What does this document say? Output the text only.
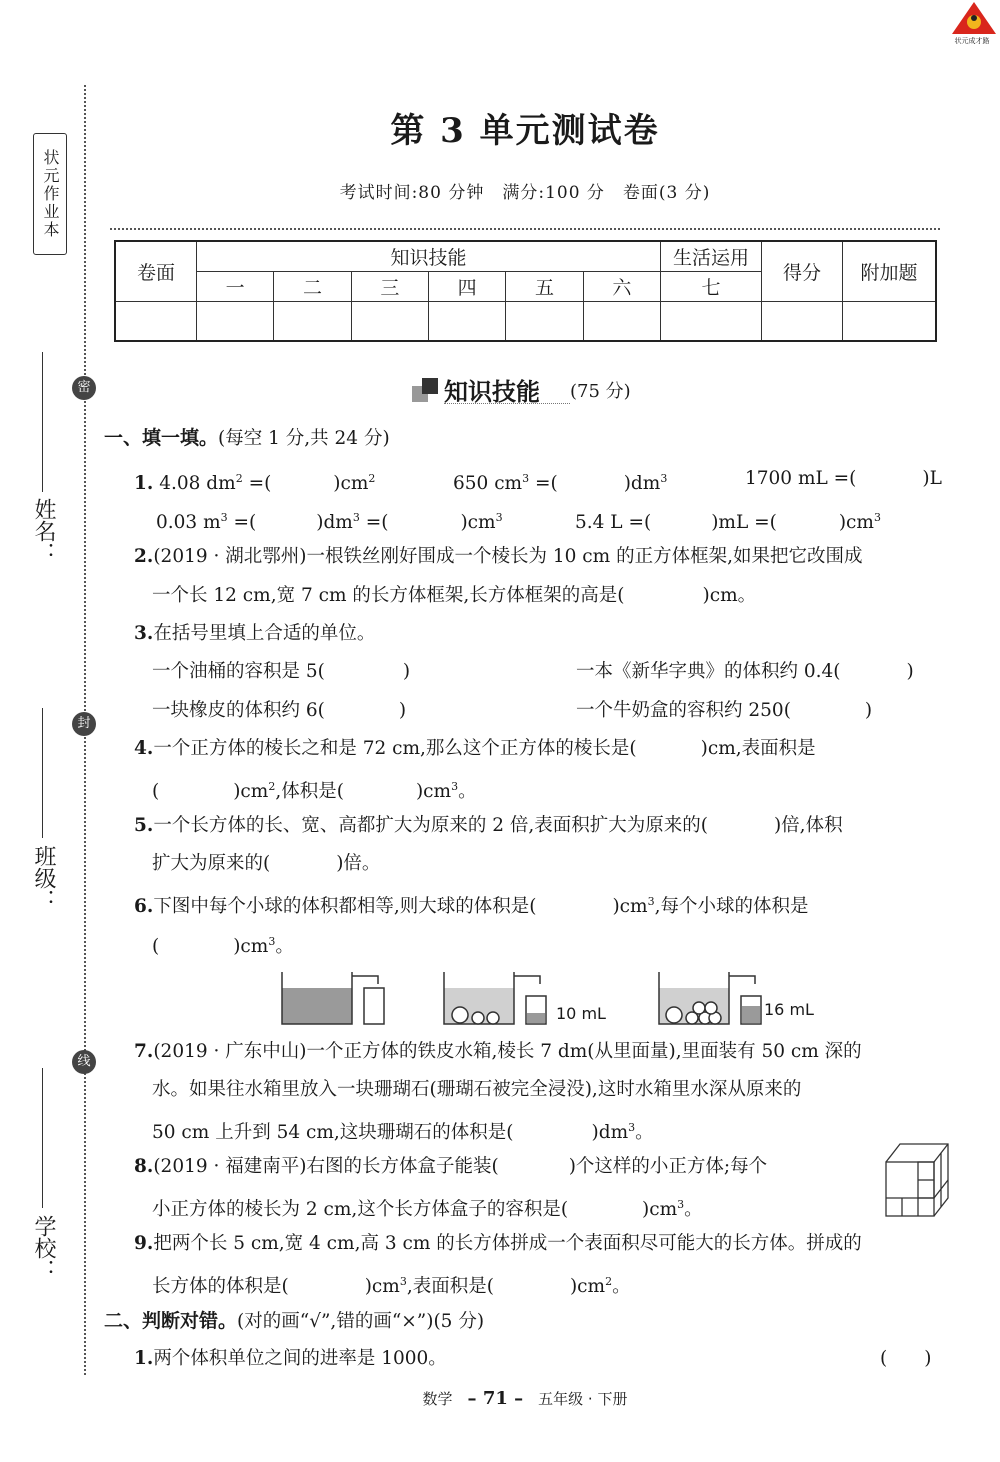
状元作业本
密
封
线
姓名：
班级：
学校：
状元成才路
第 3 单元测试卷
考试时间:80 分钟　满分:100 分　卷面(3 分)
卷面	知识技能						生活运用	得分	附加题
	一	二	三	四	五	六	七		

知识技能 (75 分)
一、填一填。(每空 1 分,共 24 分)
1. 4.08 $dm^2$ =(	)$cm^2$	650 $cm^3$ =(	)$dm^3$	1700 mL =(	)L
0.03 $m^3$ =(	)$dm^3$ =(	)$cm^3$	5.4 L =(	)mL =(	)$cm^3$
2.(2019 · 湖北鄂州)一根铁丝刚好围成一个棱长为 10 cm 的正方体框架,如果把它改围成
一个长 12 cm,宽 7 cm 的长方体框架,长方体框架的高是(	)cm。
3.在括号里填上合适的单位。
一个油桶的容积是 5(	)	一本《新华字典》的体积约 0.4(	)
一块橡皮的体积约 6(	)	一个牛奶盒的容积约 250(	)
4.一个正方体的棱长之和是 72 cm,那么这个正方体的棱长是(	)cm,表面积是
(	)$cm^2$,体积是(	)$cm^3$。
5.一个长方体的长、宽、高都扩大为原来的 2 倍,表面积扩大为原来的(	)倍,体积
扩大为原来的(	)倍。
6.下图中每个小球的体积都相等,则大球的体积是(	)$cm^3$,每个小球的体积是
(	)$cm^3$。
10 mL	16 mL
7.(2019 · 广东中山)一个正方体的铁皮水箱,棱长 7 dm(从里面量),里面装有 50 cm 深的
水。如果往水箱里放入一块珊瑚石(珊瑚石被完全浸没),这时水箱里水深从原来的
50 cm 上升到 54 cm,这块珊瑚石的体积是(	)$dm^3$。
8.(2019 · 福建南平)右图的长方体盒子能装(	)个这样的小正方体;每个
小正方体的棱长为 2 cm,这个长方体盒子的容积是(	)$cm^3$。
9.把两个长 5 cm,宽 4 cm,高 3 cm 的长方体拼成一个表面积尽可能大的长方体。拼成的
长方体的体积是(	)$cm^3$,表面积是(	)$cm^2$。
二、判断对错。(对的画“√”,错的画“×”)(5 分)
1.两个体积单位之间的进率是 1000。	(　　)
数学　 – 71 –　 五年级 · 下册
